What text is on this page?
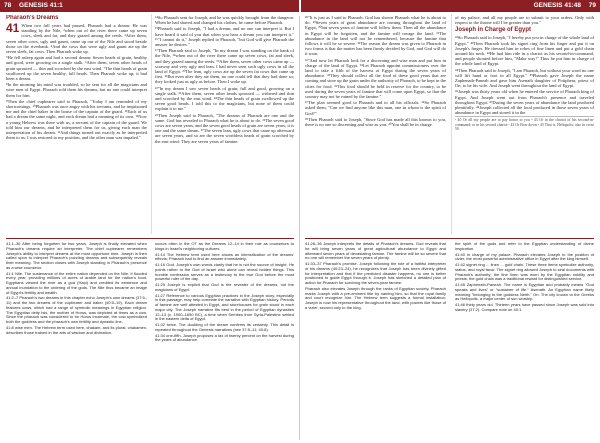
78 GENESIS 41:1	GENESIS 41:48 79
Pharaoh's Dreams
41 When two full years had passed, Pharaoh had a dream: He was standing by the Nile, ²when out of the river there came up seven cows, sleek and fat, and they grazed among the reeds. ³After them, seven other cows, ugly and gaunt, came up out of the Nile and stood beside those on the riverbank. ⁴And the cows that were ugly and gaunt ate up the seven sleek, fat cows. Then Pharaoh woke up.

⁵He fell asleep again and had a second dream: Seven heads of grain, healthy and good, were growing on a single stalk. ⁶After them, seven other heads of grain sprouted — thin and scorched by the east wind. ⁷The thin heads of grain swallowed up the seven healthy, full heads. Then Pharaoh woke up; it had been a dream.

⁸In the morning his mind was troubled, so he sent for all the magicians and wise men of Egypt. Pharaoh told them his dreams, but no one could interpret them for him.

⁹Then the chief cupbearer said to Pharaoh, "Today I am reminded of my shortcomings. ¹⁰Pharaoh was once angry with his servants, and he imprisoned me and the chief baker in the house of the captain of the guard. ¹¹Each of us had a dream the same night, and each dream had a meaning of its own. ¹²Now a young Hebrew was there with us, a servant of the captain of the guard. We told him our dreams, and he interpreted them for us, giving each man the interpretation of his dream. ¹³And things turned out exactly as he interpreted them to us: I was restored to my position, and the other man was impaled."

¹⁴So Pharaoh sent for Joseph, and he was quickly brought from the dungeon. When he had shaved and changed his clothes, he came before Pharaoh.

¹⁵Pharaoh said to Joseph, "I had a dream, and no one can interpret it. But I have heard it said of you that when you hear a dream you can interpret it." ¹⁶"I cannot do it," Joseph replied to Pharaoh, "but God will give Pharaoh the answer he desires."

¹⁷Then Pharaoh said to Joseph, "In my dream I was standing on the bank of the Nile, ¹⁸when out of the river there came up seven cows, fat and sleek, and they grazed among the reeds. ¹⁹After them, seven other cows came up — scrawny and very ugly and lean. I had never seen such ugly cows in all the land of Egypt. ²⁰The lean, ugly cows ate up the seven fat cows that came up first. ²¹But even after they ate them, no one could tell that they had done so; they looked just as ugly as before. Then I woke up.

²²"In my dream I saw seven heads of grain, full and good, growing on a single stalk. ²³After them, seven other heads sprouted — withered and thin and scorched by the east wind. ²⁴The thin heads of grain swallowed up the seven good heads. I told this to the magicians, but none of them could explain it to me."

²⁵Then Joseph said to Pharaoh, "The dreams of Pharaoh are one and the same. God has revealed to Pharaoh what he is about to do. ²⁶The seven good cows are seven years, and the seven good heads of grain are seven years; it is one and the same dream. ²⁷The seven lean, ugly cows that came up afterward are seven years, and so are the seven worthless heads of grain scorched by the east wind: They are seven years of famine.

41:1–36 After being forgotten for two years, Joseph is finally elevated when Pharaoh's dreams require an interpreter. The chief cupbearer remembers Joseph's ability to interpret dreams at the most opportune time. Joseph is then called upon to interpret Pharaoh's puzzling dreams and subsequently reveals their meaning. The section closes with Joseph standing in Pharaoh's presence as a wise counselor.

41:1 Nile. The sustenance of the entire nation depended on the Nile. It flooded every year, providing millions of acres of arable land for the nation's food. Egyptians viewed the river as a god (Hapi) and credited its existence and annual inundation to the ordering of the gods. The Nile thus became an image of Egypt's fertility and wealth.

41:2–7 Pharaoh's two dreams in this chapter echo Joseph's own dreams (37:5–11) and the two dreams of the cupbearer and baker (40:5–19). Each dream features cows, which had a range of symbolic meanings in Egyptian religion. The Egyptian deity Isis, the mother of Horus, was depicted at times as a cow. Since the pharaoh was considered to be Horus incarnate, the cow symbolized both the goddess and the pharaoh's own fertility and dynastic line.

41:8 wise men. The Hebrew term used here, chakam, and its plural, chakamim, describes those trained in the arts of wisdom and divination.

occurs often in the OT as the Dreams 12–14 in their role as counselors to kings in Israel's neighboring cultures.

41:14 The Hebrew term used here shows an intensification of the dreams' effects; Pharaoh had to find an answer immediately.

41:16 God. Joseph's own words clarify that he is not the source of insight. He points rather to the God of Israel who alone can reveal hidden things. This humble confession serves as a testimony to the true God before the most powerful ruler of the day.

41:25 Joseph is explicit that God is the revealer of the dreams, not the magicians of Egypt.

41:27 Reference to various Egyptian practices in the Joseph story, especially in this passage, may help correlate the narrative with Egyptian history. Periods of famine are well attested in Egypt, and storehouses for grain stood in each major city. The Joseph narrative fits best in the period of Egyptian dynasties 12–13 (c. 1900–1650 BC), a time when Semites from Syria-Palestine settled in the eastern delta of Egypt.

41:32 twice. The doubling of the dream confirms its certainty. This detail is repeated throughout the Genesis narratives (see 37:5–11; 40:8).

41:34 one-fifth. Joseph proposes a tax of twenty percent on the harvest during the years of abundance.

²⁸"It is just as I said to Pharaoh: God has shown Pharaoh what he is about to do. ²⁹Seven years of great abundance are coming throughout the land of Egypt, ³⁰but seven years of famine will follow them. Then all the abundance in Egypt will be forgotten, and the famine will ravage the land. ³¹The abundance in the land will not be remembered, because the famine that follows it will be so severe. ³²The reason the dream was given to Pharaoh in two forms is that the matter has been firmly decided by God, and God will do it soon.

³³"And now let Pharaoh look for a discerning and wise man and put him in charge of the land of Egypt. ³⁴Let Pharaoh appoint commissioners over the land to take a fifth of the harvest of Egypt during the seven years of abundance. ³⁵They should collect all the food of these good years that are coming and store up the grain under the authority of Pharaoh, to be kept in the cities for food. ³⁶This food should be held in reserve for the country, to be used during the seven years of famine that will come upon Egypt, so that the country may not be ruined by the famine."

³⁷The plan seemed good to Pharaoh and to all his officials. ³⁸So Pharaoh asked them, "Can we find anyone like this man, one in whom is the spirit of God?"

³⁹Then Pharaoh said to Joseph, "Since God has made all this known to you, there is no one so discerning and wise as you. ⁴⁰You shall be in charge

of my palace, and all my people are to submit to your orders. Only with respect to the throne will I be greater than you."

Joseph in Charge of Egypt

⁴¹So Pharaoh said to Joseph, "I hereby put you in charge of the whole land of Egypt." ⁴²Then Pharaoh took his signet ring from his finger and put it on Joseph's finger. He dressed him in robes of fine linen and put a gold chain around his neck. ⁴³He had him ride in a chariot as his second-in-command, and people shouted before him, "Make way!" Thus he put him in charge of the whole land of Egypt.

⁴⁴Then Pharaoh said to Joseph, "I am Pharaoh, but without your word no one will lift hand or foot in all Egypt." ⁴⁵Pharaoh gave Joseph the name Zaphenath-Paneah and gave him Asenath daughter of Potiphera, priest of On, to be his wife. And Joseph went throughout the land of Egypt.

⁴⁶Joseph was thirty years old when he entered the service of Pharaoh king of Egypt. And Joseph went out from Pharaoh's presence and traveled throughout Egypt. ⁴⁷During the seven years of abundance the land produced plentifully. ⁴⁸Joseph collected all the food produced in those seven years of abundance in Egypt and stored it in the

ᵃ 40 Or all my people are to pay honor to you ᵇ 43 Or in the chariot of his second-in-command; or in his second chariot ᶜ 43 Or Bow down ᵈ 45 That is, Heliopolis; also in verse 50

41:28–36 Joseph interprets the details of Pharaoh's dreams. God reveals that he will bring seven years of great agricultural abundance to Egypt and afterward seven years of devastating famine. The famine will be so severe that no one will remember the seven years of plenty.

41:33–37 Pharaoh's promise. Joseph following the role of a faithful interpreter of his dreams (40:23–24), he recognizes that Joseph has been divinely gifted for interpretation and that if the predicted disaster happens, no one is better positioned to guide Egypt through it. Joseph has sketched a detailed plan of action for Pharaoh for surviving the seven-year famine.

Pharaoh also elevates Joseph through the ranks of Egyptian society. Pharaoh marks Joseph with a pre-eminent title by naming him, so that the royal family and court recognize him. The Hebrew term suggests a formal installation; Joseph is now his representative throughout the land, with powers like those of a vizier, second only to the king.

the spirit of the gods and refer to the Egyptian understanding of divine inspiration.

41:40 in charge of my palace. Pharaoh elevates Joseph to the position of vizier, the most powerful administrative office in Egypt after the king himself.

41:42 signet ring ... linen ... gold chain. These three items symbolize authority, status, and royal favor. The signet ring allowed Joseph to seal documents with Pharaoh's authority; the fine linen was worn by the Egyptian nobility and priests; the gold chain was a traditional reward for distinguished service.

41:45 Zaphenath-Paneah. The name is Egyptian and probably means "God speaks and lives" or "sustainer of life." Asenath. An Egyptian name likely meaning "belonging to the goddess Neith." On. The city known to the Greeks as Heliopolis, a major center of sun worship.

41:46 thirty years old. Thirteen years have passed since Joseph was sold into slavery (37:2). Compare note on 40:1.
